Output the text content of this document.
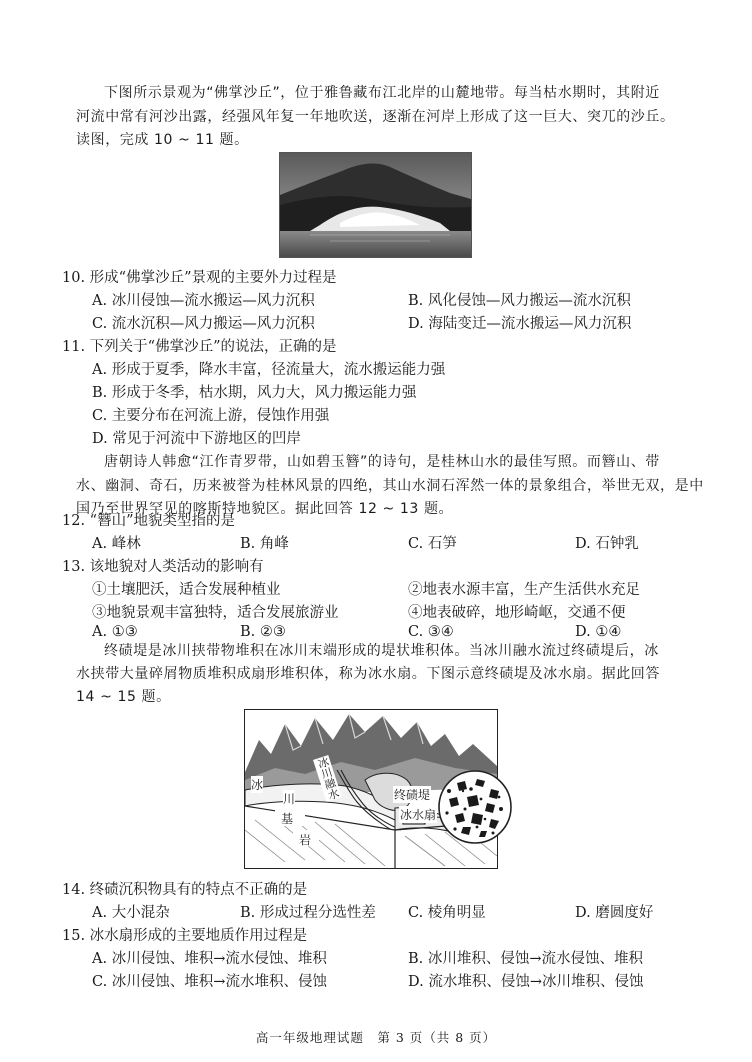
下图所示景观为“佛掌沙丘”，位于雅鲁藏布江北岸的山麓地带。每当枯水期时，其附近
河流中常有河沙出露，经强风年复一年地吹送，逐渐在河岸上形成了这一巨大、突兀的沙丘。
读图，完成 10 ~ 11 题。
10. 形成“佛掌沙丘”景观的主要外力过程是
A. 冰川侵蚀—流水搬运—风力沉积	B. 风化侵蚀—风力搬运—流水沉积
C. 流水沉积—风力搬运—风力沉积	D. 海陆变迁—流水搬运—风力沉积
11. 下列关于“佛掌沙丘”的说法，正确的是
A. 形成于夏季，降水丰富，径流量大，流水搬运能力强
B. 形成于冬季，枯水期，风力大，风力搬运能力强
C. 主要分布在河流上游，侵蚀作用强
D. 常见于河流中下游地区的凹岸
唐朝诗人韩愈“江作青罗带，山如碧玉簪”的诗句，是桂林山水的最佳写照。而簪山、带
水、幽洞、奇石，历来被誉为桂林风景的四绝，其山水洞石浑然一体的景象组合，举世无双，是中
国乃至世界罕见的喀斯特地貌区。据此回答 12 ~ 13 题。
12. “簪山”地貌类型指的是
A. 峰林	B. 角峰	C. 石笋	D. 石钟乳
13. 该地貌对人类活动的影响有
①土壤肥沃，适合发展种植业	②地表水源丰富，生产生活供水充足
③地貌景观丰富独特，适合发展旅游业	④地表破碎，地形崎岖，交通不便
A. ①③	B. ②③	C. ③④	D. ①④
终碛堤是冰川挟带物堆积在冰川末端形成的堤状堆积体。当冰川融水流过终碛堤后，冰
水挟带大量碎屑物质堆积成扇形堆积体，称为冰水扇。下图示意终碛堤及冰水扇。据此回答
14 ~ 15 题。
终碛堤
冰水扇
冰
川
基
岩
冰川融水
14. 终碛沉积物具有的特点不正确的是
A. 大小混杂	B. 形成过程分选性差 C. 棱角明显	D. 磨圆度好
15. 冰水扇形成的主要地质作用过程是
A. 冰川侵蚀、堆积→流水侵蚀、堆积	B. 冰川堆积、侵蚀→流水侵蚀、堆积
C. 冰川侵蚀、堆积→流水堆积、侵蚀	D. 流水堆积、侵蚀→冰川堆积、侵蚀
高一年级地理试题　第 3 页（共 8 页）
